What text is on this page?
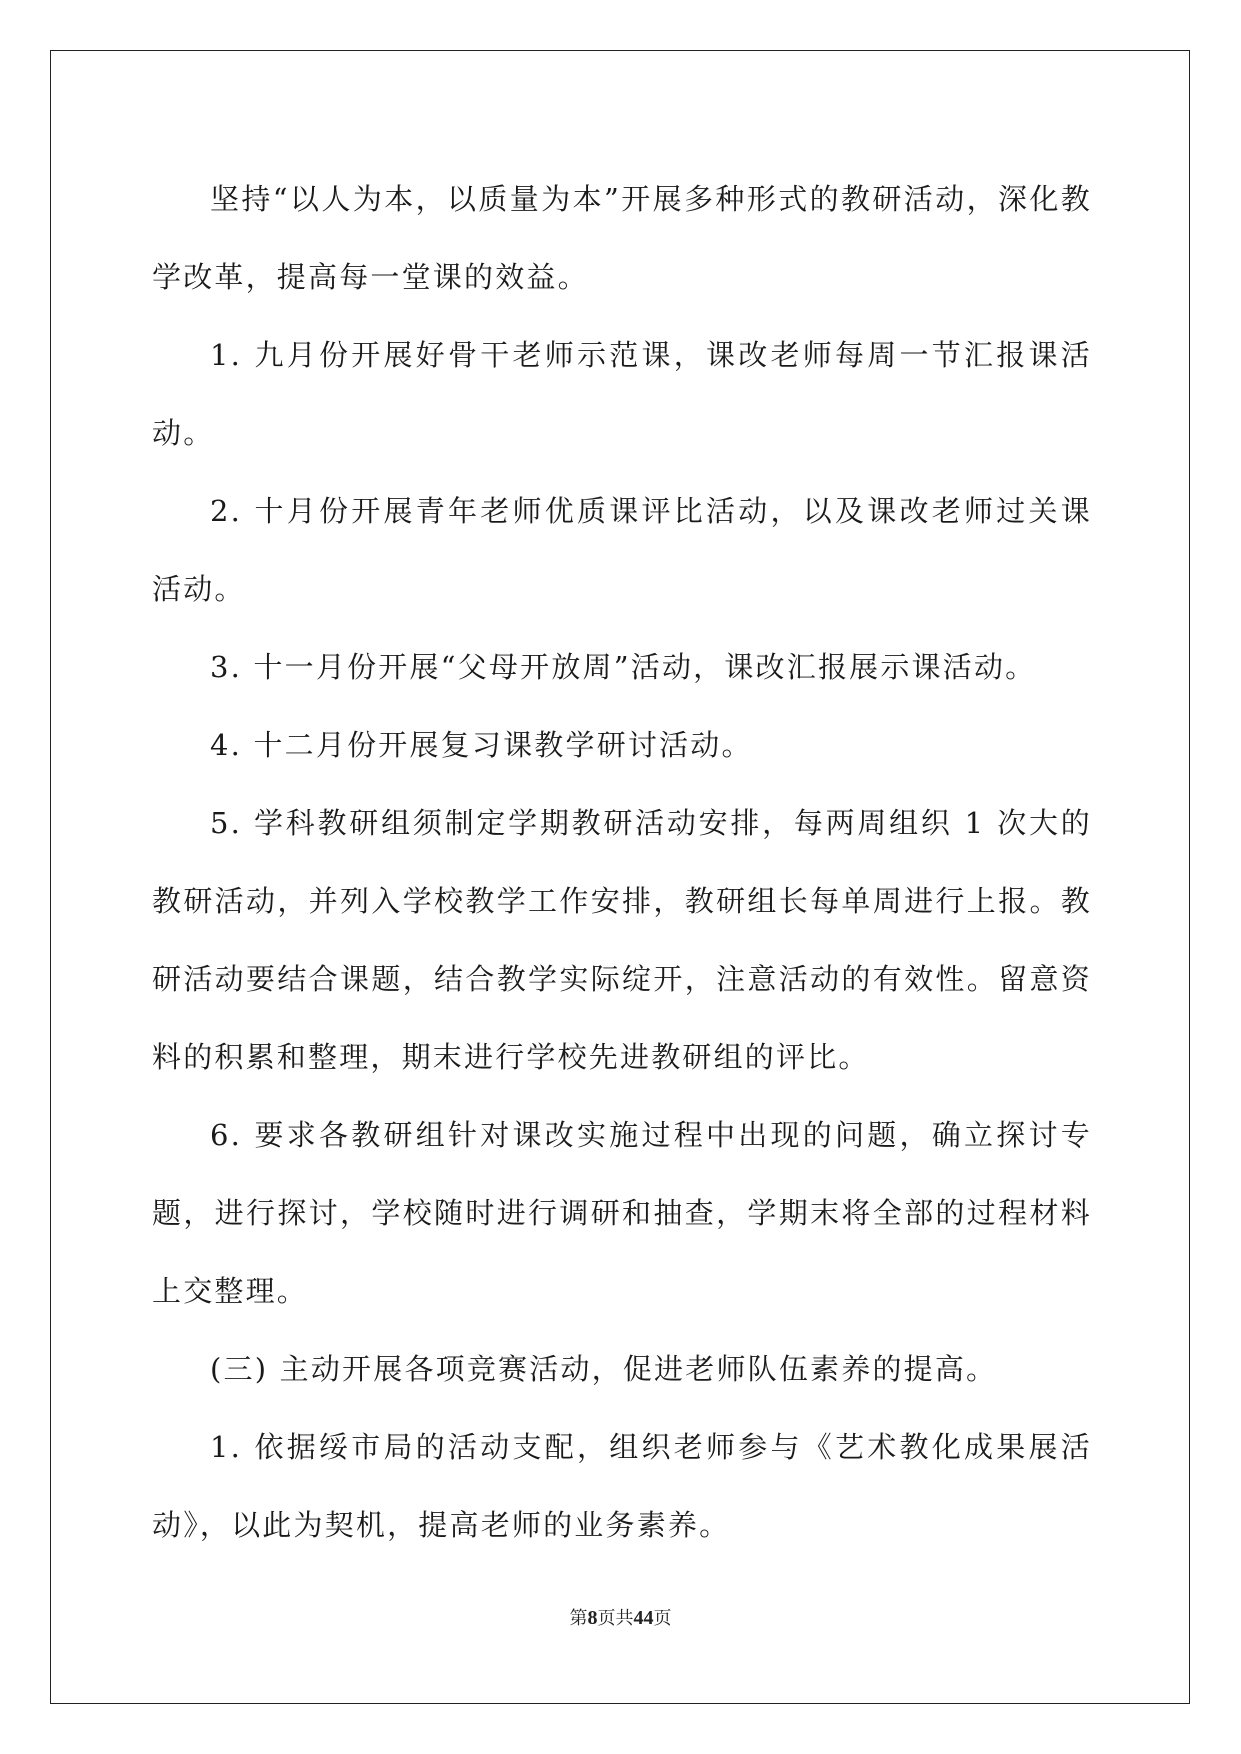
坚持“以人为本，以质量为本”开展多种形式的教研活动，深化教学改革，提高每一堂课的效益。

1. 九月份开展好骨干老师示范课，课改老师每周一节汇报课活动。

2. 十月份开展青年老师优质课评比活动，以及课改老师过关课活动。

3. 十一月份开展“父母开放周”活动，课改汇报展示课活动。

4. 十二月份开展复习课教学研讨活动。

5. 学科教研组须制定学期教研活动安排，每两周组织 1 次大的教研活动，并列入学校教学工作安排，教研组长每单周进行上报。教研活动要结合课题，结合教学实际绽开，注意活动的有效性。留意资料的积累和整理，期末进行学校先进教研组的评比。

6. 要求各教研组针对课改实施过程中出现的问题，确立探讨专题，进行探讨，学校随时进行调研和抽查，学期末将全部的过程材料上交整理。

(三) 主动开展各项竞赛活动，促进老师队伍素养的提高。

1. 依据绥市局的活动支配，组织老师参与《艺术教化成果展活动》，以此为契机，提高老师的业务素养。

第8页共44页
